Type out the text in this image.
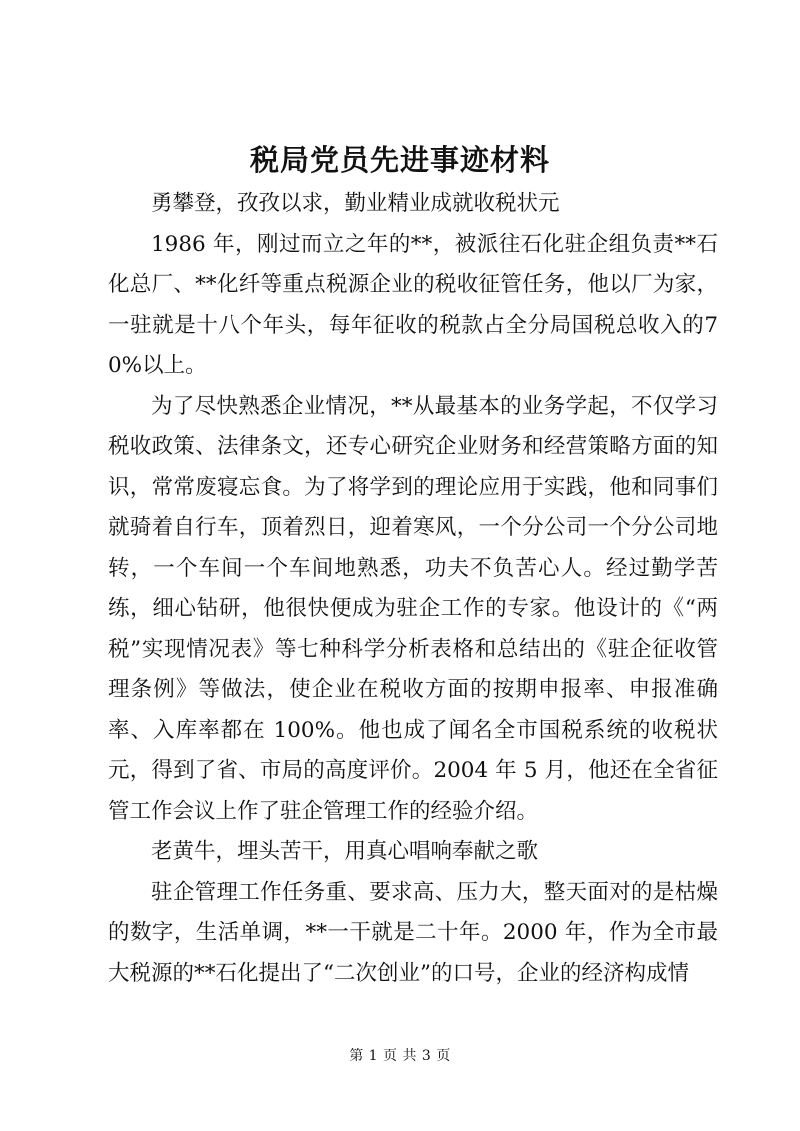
税局党员先进事迹材料

勇攀登，孜孜以求，勤业精业成就收税状元

1986 年，刚过而立之年的**，被派往石化驻企组负责**石化总厂、**化纤等重点税源企业的税收征管任务，他以厂为家，一驻就是十八个年头，每年征收的税款占全分局国税总收入的70%以上。

为了尽快熟悉企业情况，**从最基本的业务学起，不仅学习税收政策、法律条文，还专心研究企业财务和经营策略方面的知识，常常废寝忘食。为了将学到的理论应用于实践，他和同事们就骑着自行车，顶着烈日，迎着寒风，一个分公司一个分公司地转，一个车间一个车间地熟悉，功夫不负苦心人。经过勤学苦练，细心钻研，他很快便成为驻企工作的专家。他设计的《“两税”实现情况表》等七种科学分析表格和总结出的《驻企征收管理条例》等做法，使企业在税收方面的按期申报率、申报准确率、入库率都在 100%。他也成了闻名全市国税系统的收税状元，得到了省、市局的高度评价。2004 年 5 月，他还在全省征管工作会议上作了驻企管理工作的经验介绍。

老黄牛，埋头苦干，用真心唱响奉献之歌

驻企管理工作任务重、要求高、压力大，整天面对的是枯燥的数字，生活单调，**一干就是二十年。2000 年，作为全市最大税源的**石化提出了“二次创业”的口号，企业的经济构成情

第 1 页 共 3 页
